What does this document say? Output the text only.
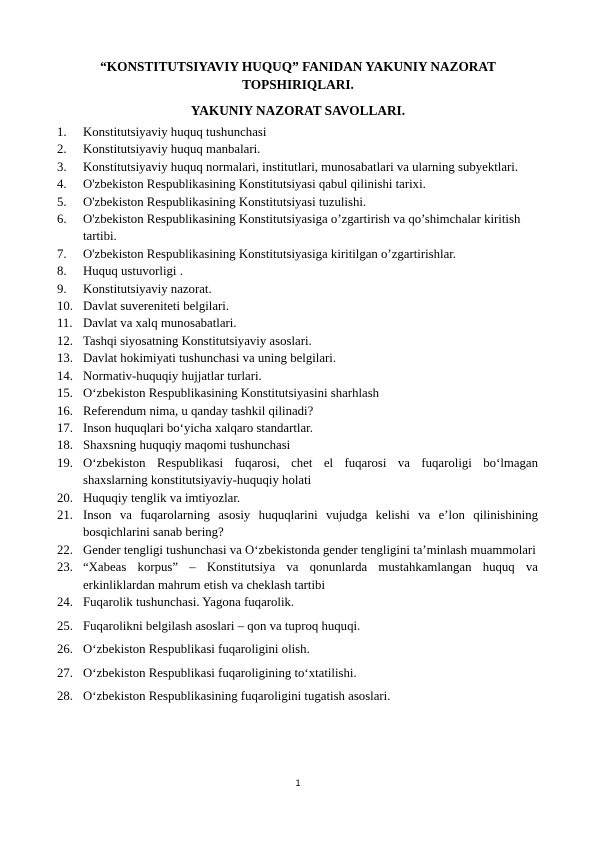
“KONSTITUTSIYAVIY HUQUQ” FANIDAN YAKUNIY NAZORAT TOPSHIRIQLARI.
YAKUNIY NAZORAT SAVOLLARI.
1.	Konstitutsiyaviy huquq tushunchasi
2.	Konstitutsiyaviy huquq manbalari.
3.	Konstitutsiyaviy huquq normalari, institutlari, munosabatlari va ularning subyektlari.
4.	O'zbekiston Respublikasining Konstitutsiyasi qabul qilinishi tarixi.
5.	O'zbekiston Respublikasining Konstitutsiyasi tuzulishi.
6.	O'zbekiston Respublikasining Konstitutsiyasiga o’zgartirish va qo’shimchalar kiritish tartibi.
7.	O'zbekiston Respublikasining Konstitutsiyasiga kiritilgan o’zgartirishlar.
8.	Huquq ustuvorligi .
9.	Konstitutsiyaviy nazorat.
10. Davlat suvereniteti belgilari.
11. Davlat va xalq munosabatlari.
12. Tashqi siyosatning Konstitutsiyaviy asoslari.
13. Davlat hokimiyati tushunchasi va uning belgilari.
14. Normativ-huquqiy hujjatlar turlari.
15. O‘zbekiston Respublikasining Konstitutsiyasini sharhlash
16. Referendum nima, u qanday tashkil qilinadi?
17. Inson huquqlari bo‘yicha xalqaro standartlar.
18. Shaxsning huquqiy maqomi tushunchasi
19. O‘zbekiston Respublikasi fuqarosi, chet el fuqarosi va fuqaroligi bo‘lmagan shaxslarning konstitutsiyaviy-huquqiy holati
20. Huquqiy tenglik va imtiyozlar.
21. Inson va fuqarolarning asosiy huquqlarini vujudga kelishi va e’lon qilinishining bosqichlarini sanab bering?
22. Gender tengligi tushunchasi va O‘zbekistonda gender tengligini ta’minlash muammolari
23. “Xabeas korpus” – Konstitutsiya va qonunlarda mustahkamlangan huquq va erkinliklardan mahrum etish va cheklash tartibi
24. Fuqarolik tushunchasi. Yagona fuqarolik.
25. Fuqarolikni belgilash asoslari – qon va tuproq huquqi.
26. O‘zbekiston Respublikasi fuqaroligini olish.
27. O‘zbekiston Respublikasi fuqaroligining to‘xtatilishi.
28. O‘zbekiston Respublikasining fuqaroligini tugatish asoslari.
1
